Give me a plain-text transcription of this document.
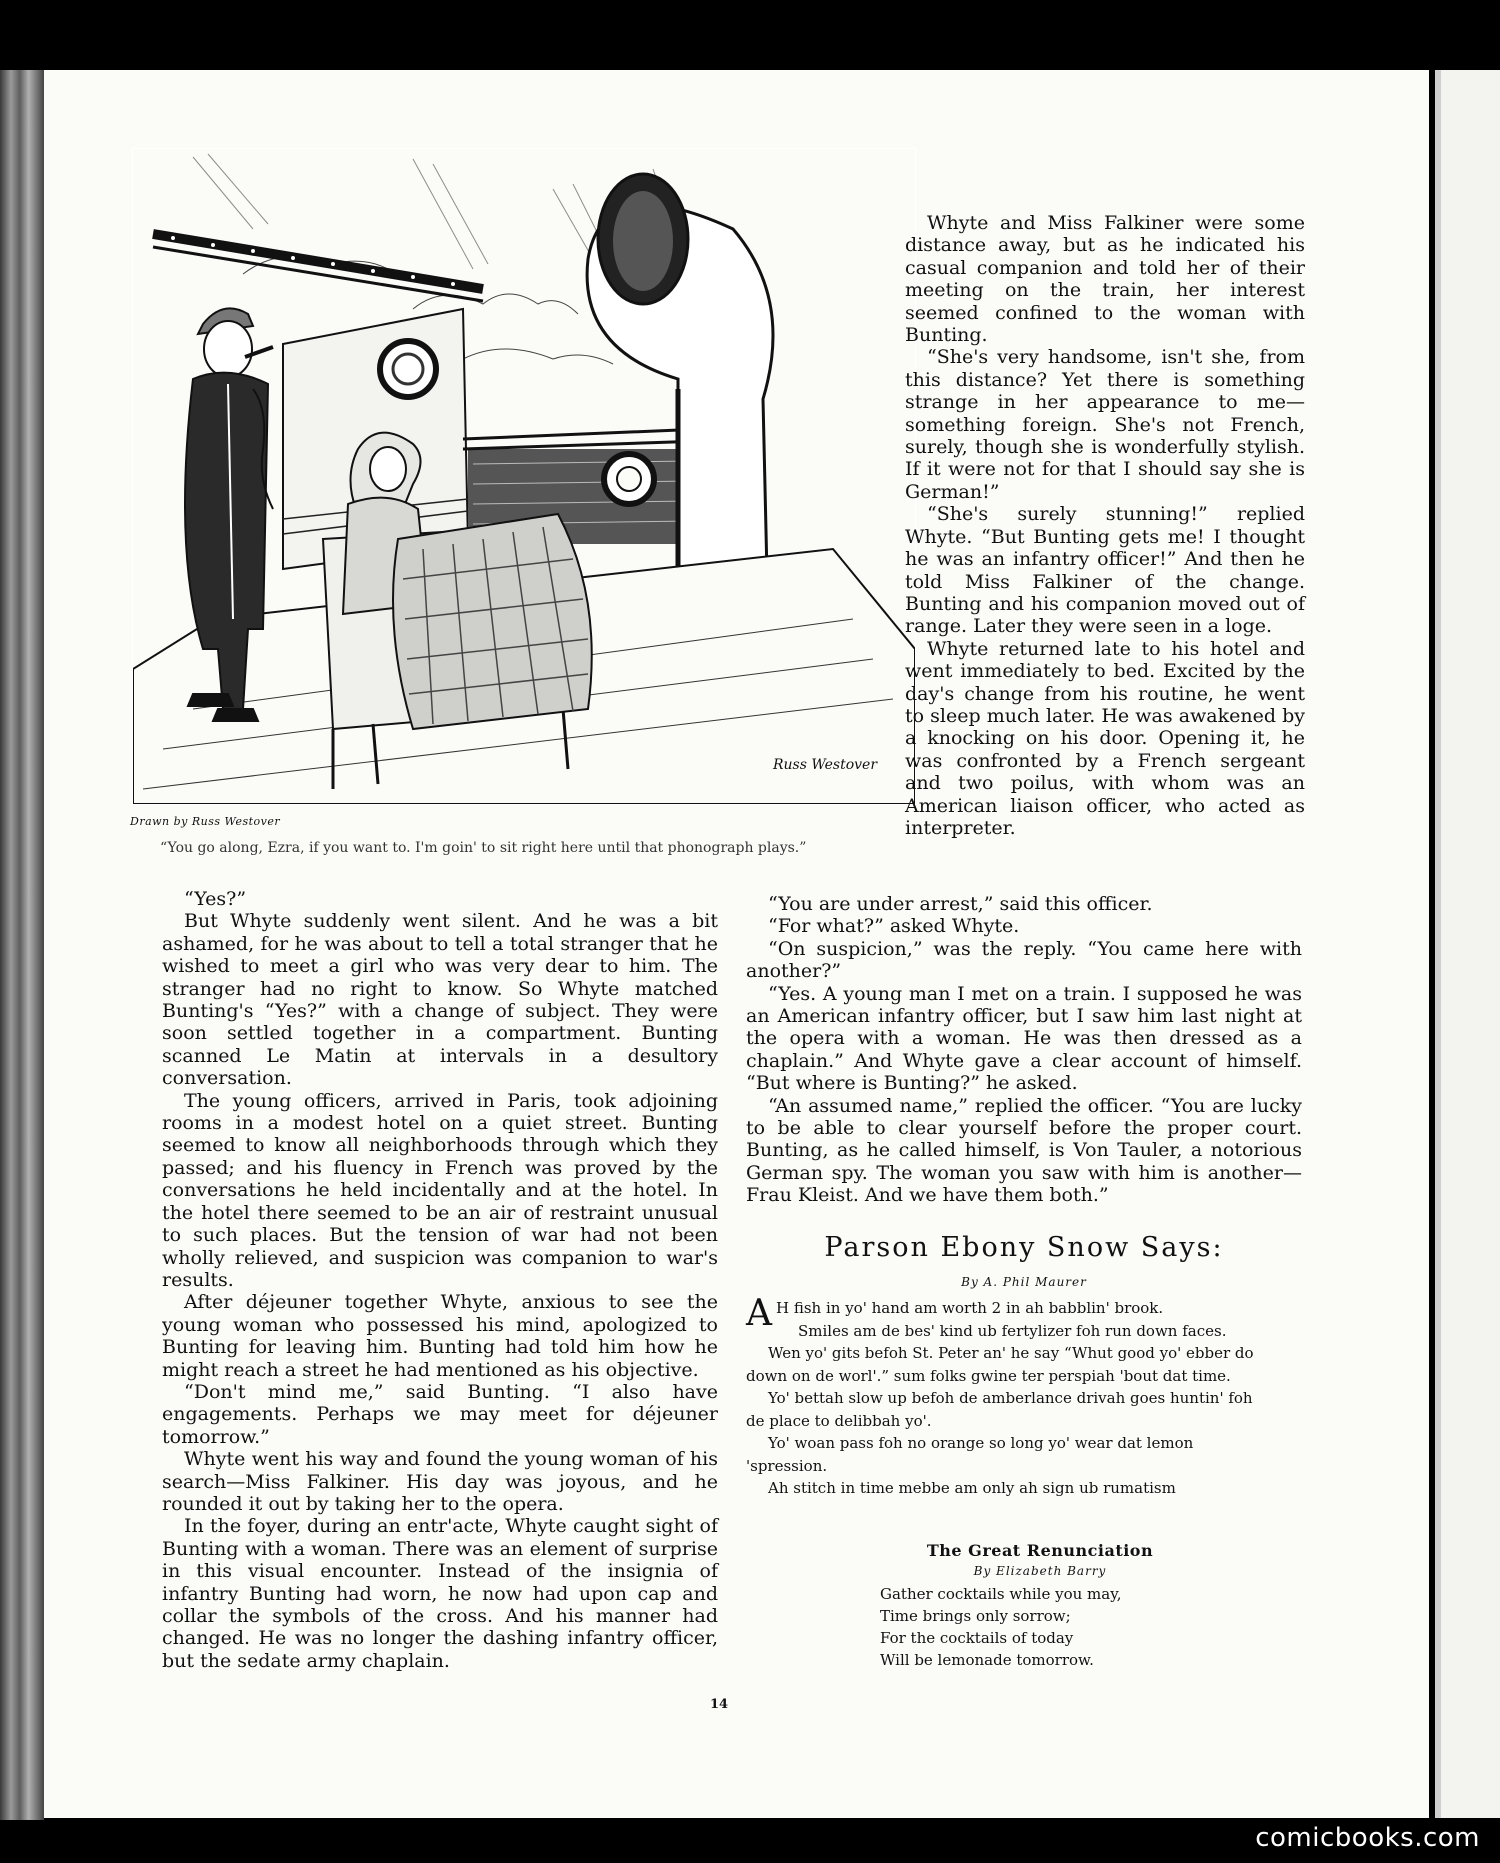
Russ Westover
Drawn by Russ Westover
“You go along, Ezra, if you want to. I'm goin' to sit right here until that phonograph plays.”

Whyte and Miss Falkiner were some distance away, but as he indicated his casual companion and told her of their meeting on the train, her interest seemed confined to the woman with Bunting.

“She's very handsome, isn't she, from this distance? Yet there is something strange in her appearance to me—something foreign. She's not French, surely, though she is wonderfully stylish. If it were not for that I should say she is German!”

“She's surely stunning!” replied Whyte. “But Bunting gets me! I thought he was an infantry officer!” And then he told Miss Falkiner of the change. Bunting and his companion moved out of range. Later they were seen in a loge.

Whyte returned late to his hotel and went immediately to bed. Excited by the day's change from his routine, he went to sleep much later. He was awakened by a knocking on his door. Opening it, he was confronted by a French sergeant and two poilus, with whom was an American liaison officer, who acted as interpreter.

“Yes?”

But Whyte suddenly went silent. And he was a bit ashamed, for he was about to tell a total stranger that he wished to meet a girl who was very dear to him. The stranger had no right to know. So Whyte matched Bunting's “Yes?” with a change of subject. They were soon settled together in a compartment. Bunting scanned Le Matin at intervals in a desultory conversation.

The young officers, arrived in Paris, took adjoining rooms in a modest hotel on a quiet street. Bunting seemed to know all neighborhoods through which they passed; and his fluency in French was proved by the conversations he held incidentally and at the hotel. In the hotel there seemed to be an air of restraint unusual to such places. But the tension of war had not been wholly relieved, and suspicion was companion to war's results.

After déjeuner together Whyte, anxious to see the young woman who possessed his mind, apologized to Bunting for leaving him. Bunting had told him how he might reach a street he had mentioned as his objective.

“Don't mind me,” said Bunting. “I also have engagements. Perhaps we may meet for déjeuner tomorrow.”

Whyte went his way and found the young woman of his search—Miss Falkiner. His day was joyous, and he rounded it out by taking her to the opera.

In the foyer, during an entr'acte, Whyte caught sight of Bunting with a woman. There was an element of surprise in this visual encounter. Instead of the insignia of infantry Bunting had worn, he now had upon cap and collar the symbols of the cross. And his manner had changed. He was no longer the dashing infantry officer, but the sedate army chaplain.

“You are under arrest,” said this officer.

“For what?” asked Whyte.

“On suspicion,” was the reply. “You came here with another?”

“Yes. A young man I met on a train. I supposed he was an American infantry officer, but I saw him last night at the opera with a woman. He was then dressed as a chaplain.” And Whyte gave a clear account of himself. “But where is Bunting?” he asked.

“An assumed name,” replied the officer. “You are lucky to be able to clear yourself before the proper court. Bunting, as he called himself, is Von Tauler, a notorious German spy. The woman you saw with him is another—Frau Kleist. And we have them both.”

Parson Ebony Snow Says:
By A. Phil Maurer

A H fish in yo' hand am worth 2 in ah babblin' brook.

Smiles am de bes' kind ub fertylizer foh run down faces.

Wen yo' gits befoh St. Peter an' he say “Whut good yo' ebber do down on de worl'.” sum folks gwine ter perspiah 'bout dat time.

Yo' bettah slow up befoh de amberlance drivah goes huntin' foh de place to delibbah yo'.

Yo' woan pass foh no orange so long yo' wear dat lemon 'spression.

Ah stitch in time mebbe am only ah sign ub rumatism

The Great Renunciation
By Elizabeth Barry
Gather cocktails while you may,
Time brings only sorrow;
For the cocktails of today
Will be lemonade tomorrow.
14
comicbooks.com
